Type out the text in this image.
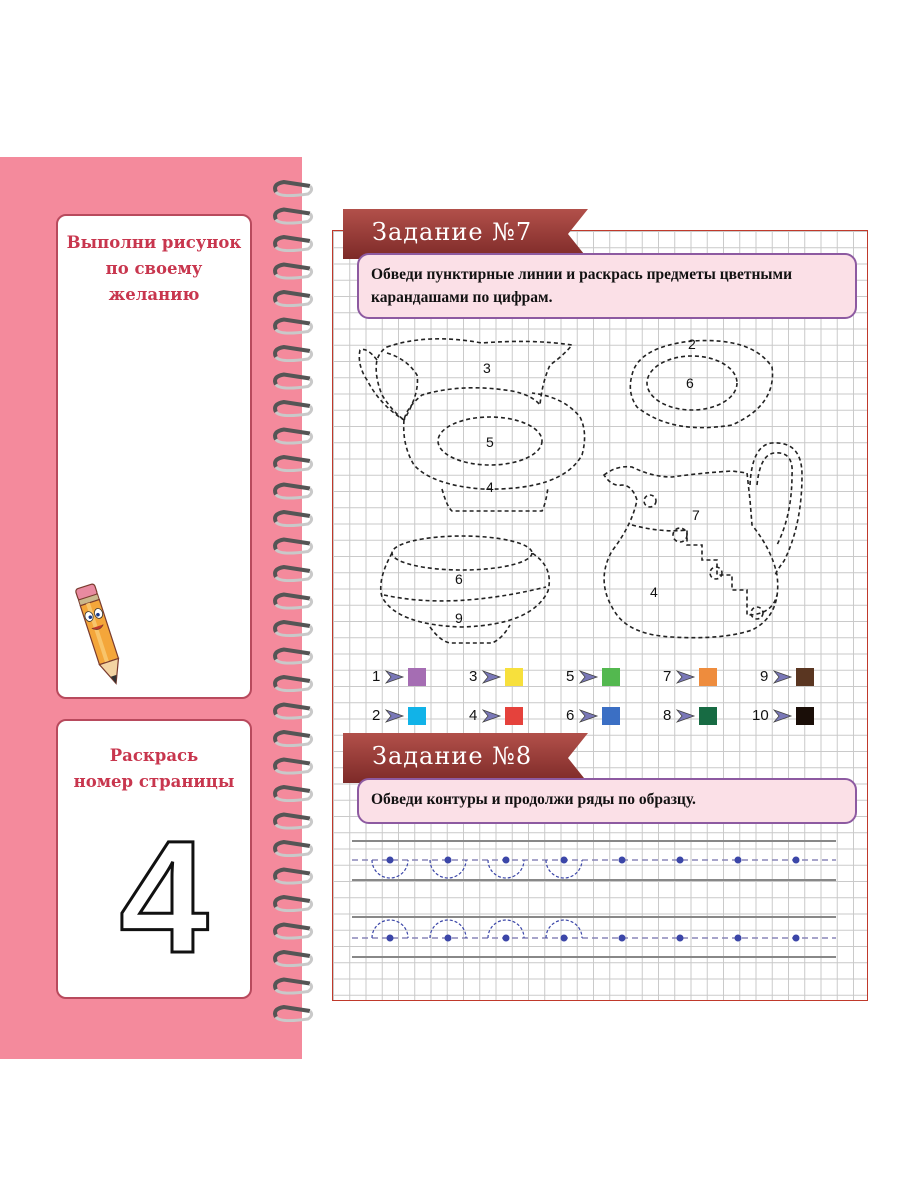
Выполни рисунок
по своему желанию
Раскрась
номер страницы
4
Задание №7
Обведи пунктирные линии и раскрась предметы цветными
карандашами по цифрам.
3
5
4
2
6
6
9
7
4
1	3	5	7	9
2	4	6	8	10
Задание №8
Обведи контуры и продолжи ряды по образцу.
